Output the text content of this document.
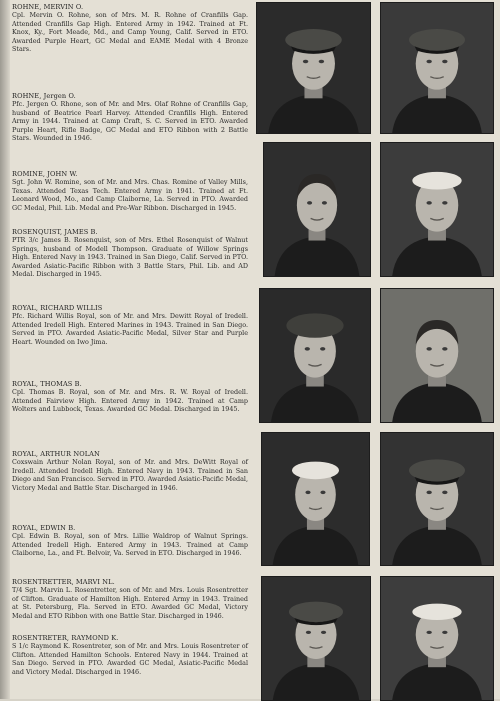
ROHNE, MERVIN O.
Cpl. Mervin O. Rohne, son of Mrs. M. R. Rohne of Cranfills Gap. Attended Cranfills Gap High. Entered Army in 1942. Trained at Ft. Knox, Ky., Fort Meade, Md., and Camp Young, Calif. Served in ETO. Awarded Purple Heart, GC Medal and EAME Medal with 4 Bronze Stars.
ROHNE, Jergen O.
Pfc. Jergen O. Rhone, son of Mr. and Mrs. Olaf Rohne of Cranfills Gap, husband of Beatrice Pearl Harvey. Attended Cranfills High. Entered Army in 1944. Trained at Camp Craft, S. C. Served in ETO. Awarded Purple Heart, Rifle Badge, GC Medal and ETO Ribbon with 2 Battle Stars. Wounded in 1946.
ROMINE, JOHN W.
Sgt. John W. Romine, son of Mr. and Mrs. Chas. Romine of Valley Mills, Texas. Attended Texas Tech. Entered Army in 1941. Trained at Ft. Leonard Wood, Mo., and Camp Claiborne, La. Served in PTO. Awarded GC Medal, Phil. Lib. Medal and Pre-War Ribbon. Discharged in 1945.
ROSENQUIST, JAMES B.
PTR 3/c James B. Rosenquist, son of Mrs. Ethel Rosenquist of Walnut Springs, husband of Modell Thompson. Graduate of Willow Springs High. Entered Navy in 1943. Trained in San Diego, Calif. Served in PTO. Awarded Asiatic-Pacific Ribbon with 3 Battle Stars, Phil. Lib. and AD Medal. Discharged in 1945.
ROYAL, RICHARD WILLIS
Pfc. Richard Willis Royal, son of Mr. and Mrs. Dewitt Royal of Iredell. Attended Iredell High. Entered Marines in 1943. Trained in San Diego. Served in PTO. Awarded Asiatic-Pacific Medal, Silver Star and Purple Heart. Wounded on Iwo Jima.
ROYAL, THOMAS B.
Cpl. Thomas B. Royal, son of Mr. and Mrs. R. W. Royal of Iredell. Attended Fairview High. Entered Army in 1942. Trained at Camp Wolters and Lubbock, Texas. Awarded GC Medal. Discharged in 1945.
ROYAL, ARTHUR NOLAN
Coxswain Arthur Nolan Royal, son of Mr. and Mrs. DeWitt Royal of Iredell. Attended Iredell High. Entered Navy in 1943. Trained in San Diego and San Francisco. Served in PTO. Awarded Asiatic-Pacific Medal, Victory Medal and Battle Star. Discharged in 1946.
ROYAL, EDWIN B.
Cpl. Edwin B. Royal, son of Mrs. Lillie Waldrop of Walnut Springs. Attended Iredell High. Entered Army in 1943. Trained at Camp Claiborne, La., and Ft. Belvoir, Va. Served in ETO. Discharged in 1946.
ROSENTRETTER, MARVI NL.
T/4 Sgt. Marvin L. Rosentretter, son of Mr. and Mrs. Louis Rosentretter of Clifton. Graduate of Hamilton High. Entered Army in 1943. Trained at St. Petersburg, Fla. Served in ETO. Awarded GC Medal, Victory Medal and ETO Ribbon with one Battle Star. Discharged in 1946.
ROSENTRETER, RAYMOND K.
S 1/c Raymond K. Rosentreter, son of Mr. and Mrs. Louis Rosentreter of Clifton. Attended Hamilton Schools. Entered Navy in 1944. Trained at San Diego. Served in PTO. Awarded GC Medal, Asiatic-Pacific Medal and Victory Medal. Discharged in 1946.
